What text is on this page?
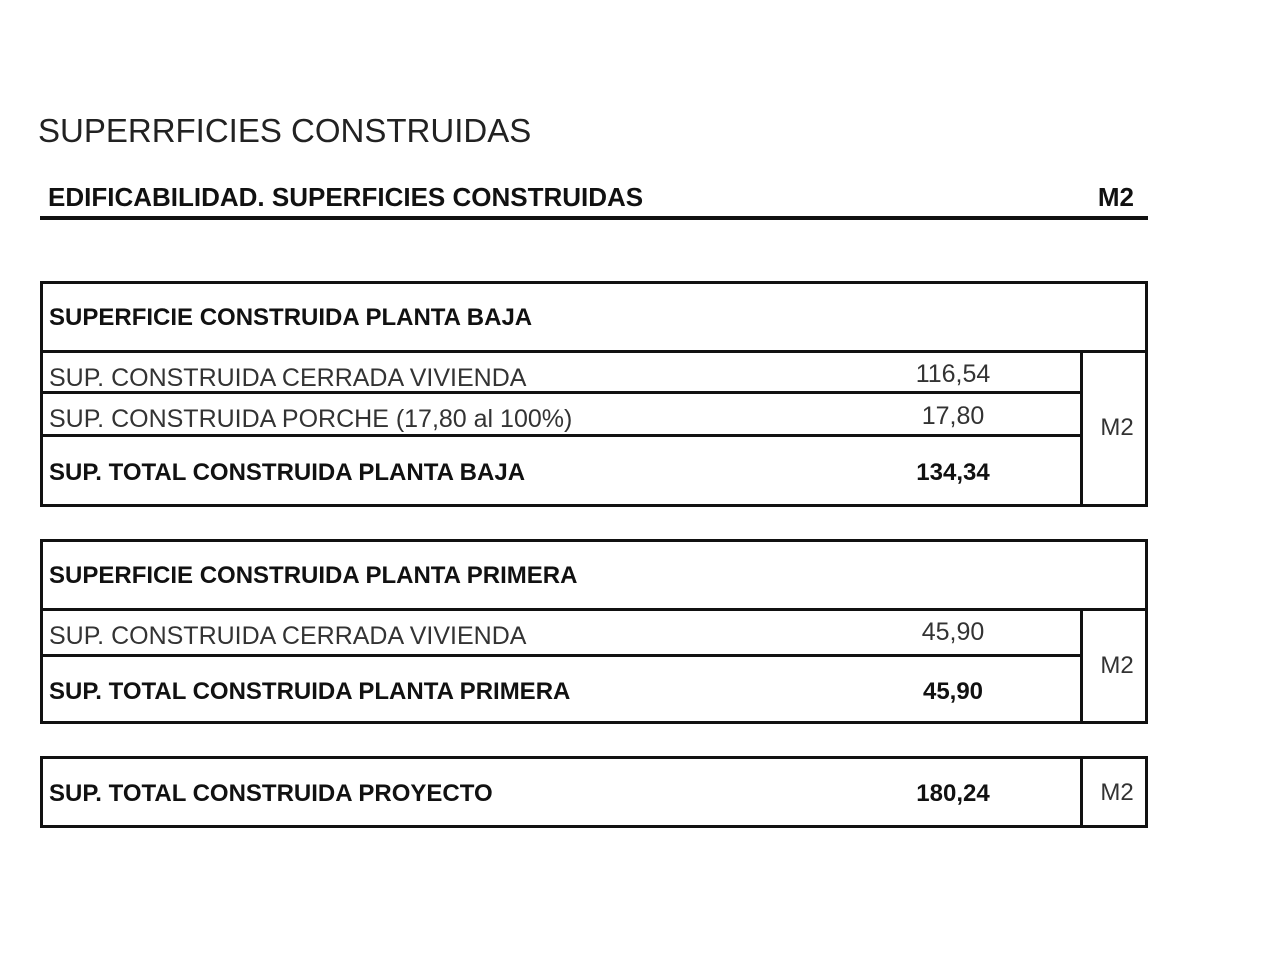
SUPERRFICIES CONSTRUIDAS
EDIFICABILIDAD. SUPERFICIES CONSTRUIDAS	M2
SUPERFICIE CONSTRUIDA PLANTA BAJA
SUP. CONSTRUIDA CERRADA VIVIENDA	116,54
SUP. CONSTRUIDA PORCHE (17,80 al 100%)	17,80
SUP. TOTAL CONSTRUIDA PLANTA BAJA	134,34
M2
SUPERFICIE CONSTRUIDA PLANTA PRIMERA
SUP. CONSTRUIDA CERRADA VIVIENDA	45,90
SUP. TOTAL CONSTRUIDA PLANTA PRIMERA	45,90
M2
SUP. TOTAL CONSTRUIDA PROYECTO	180,24	M2
